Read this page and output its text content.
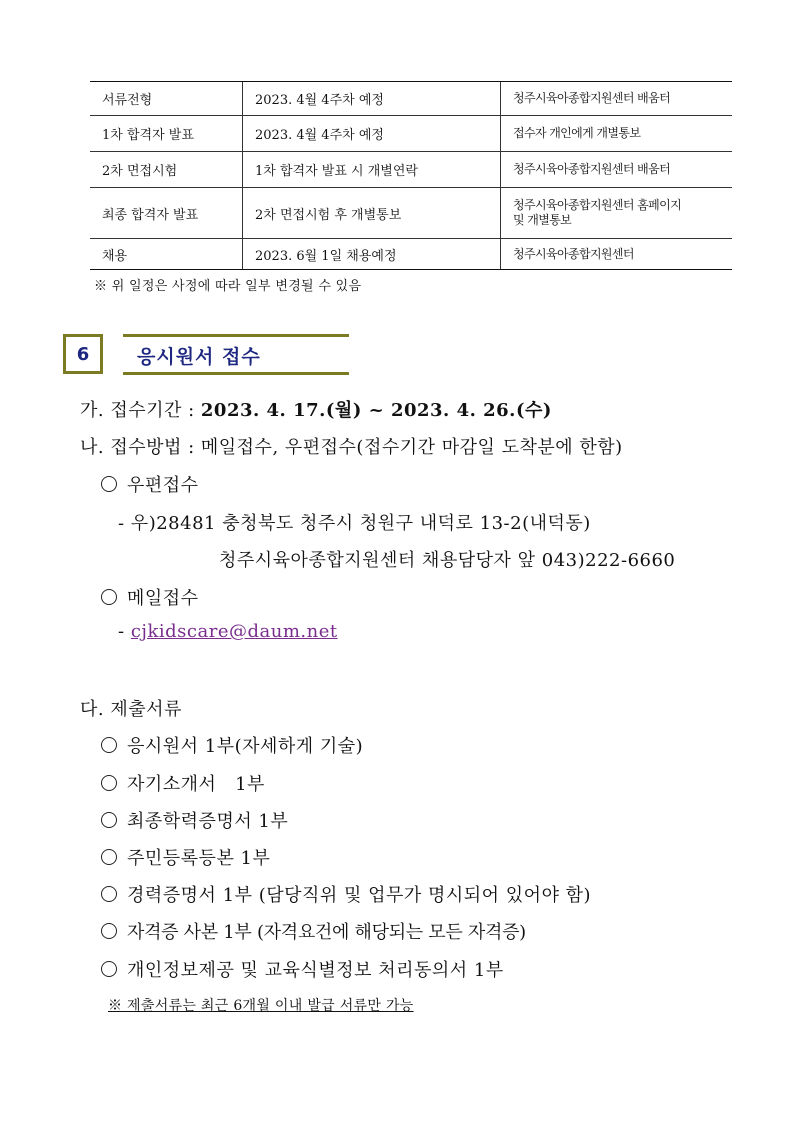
서류전형	2023. 4월 4주차 예정	청주시육아종합지원센터 배움터
1차 합격자 발표	2023. 4월 4주차 예정	접수자 개인에게 개별통보
2차 면접시험	1차 합격자 발표 시 개별연락	청주시육아종합지원센터 배움터
최종 합격자 발표	2차 면접시험 후 개별통보	청주시육아종합지원센터 홈페이지
및 개별통보

채용	2023. 6월 1일 채용예정	청주시육아종합지원센터
※ 위 일정은 사정에 따라 일부 변경될 수 있음
6	응시원서 접수
가. 접수기간 : 2023. 4. 17.(월) ~ 2023. 4. 26.(수)
나. 접수방법 : 메일접수, 우편접수(접수기간 마감일 도착분에 한함)
우편접수
- 우)28481 충청북도 청주시 청원구 내덕로 13-2(내덕동)
청주시육아종합지원센터 채용담당자 앞 043)222-6660
메일접수
- cjkidscare@daum.net
다. 제출서류
응시원서 1부(자세하게 기술)
자기소개서   1부
최종학력증명서 1부
주민등록등본 1부
경력증명서 1부 (담당직위 및 업무가 명시되어 있어야 함)
자격증 사본 1부 (자격요건에 해당되는 모든 자격증)
개인정보제공 및 교육식별정보 처리동의서 1부
※ 제출서류는 최근 6개월 이내 발급 서류만 가능
